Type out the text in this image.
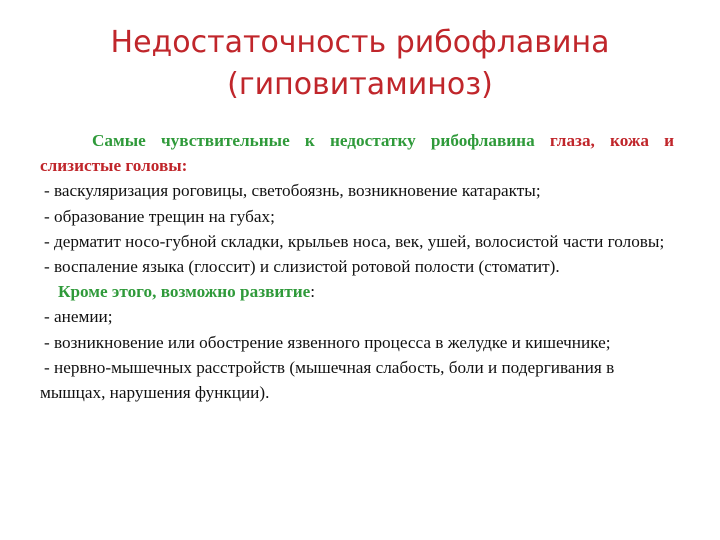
Недостаточность рибофлавина
(гиповитаминоз)

Самые чувствительные к недостатку рибофлавина глаза, кожа и слизистые головы:

- васкуляризация роговицы, светобоязнь, возникновение катаракты;

- образование трещин на губах;

- дерматит носо-губной складки, крыльев носа, век, ушей, волосистой части головы;

- воспаление языка (глоссит) и слизистой ротовой полости (стоматит).

Кроме этого, возможно развитие:

- анемии;

- возникновение или обострение язвенного процесса в желудке и кишечнике;

- нервно-мышечных расстройств (мышечная слабость, боли и подергивания в мышцах, нарушения функции).
